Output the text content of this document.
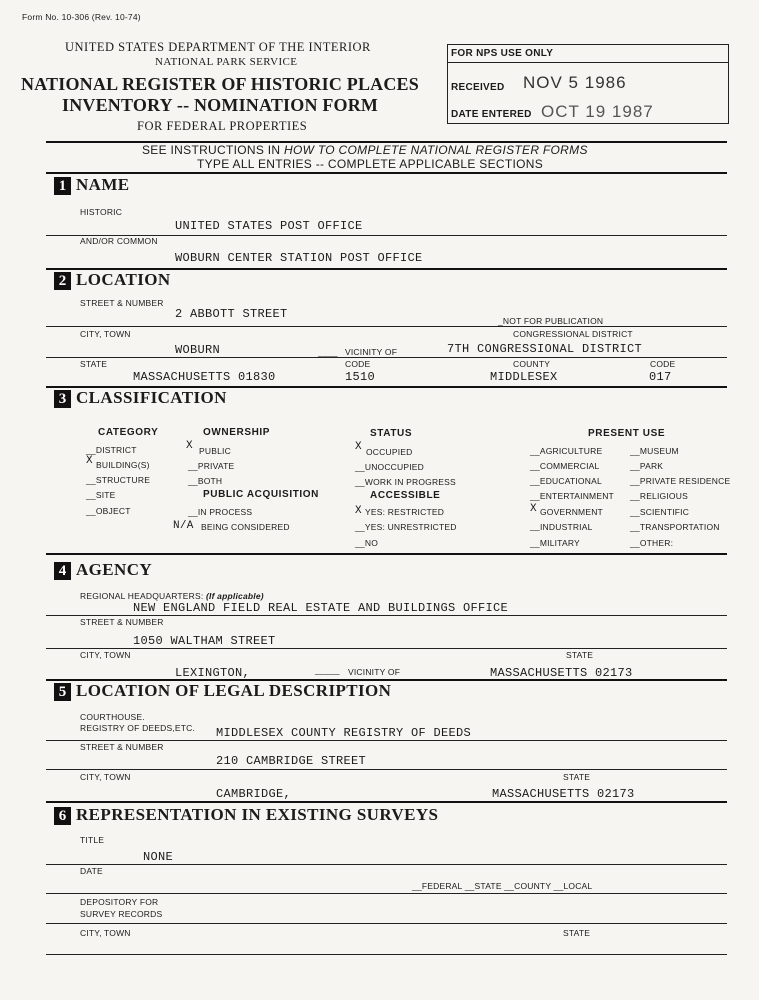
Form No. 10-306 (Rev. 10-74)
UNITED STATES DEPARTMENT OF THE INTERIOR
NATIONAL PARK SERVICE
NATIONAL REGISTER OF HISTORIC PLACES
INVENTORY -- NOMINATION FORM
FOR FEDERAL PROPERTIES
FOR NPS USE ONLY
RECEIVED NOV 5 1986
DATE ENTERED OCT 19 1987
SEE INSTRUCTIONS IN HOW TO COMPLETE NATIONAL REGISTER FORMS
TYPE ALL ENTRIES -- COMPLETE APPLICABLE SECTIONS
1 NAME
HISTORIC
UNITED STATES POST OFFICE
AND/OR COMMON
WOBURN CENTER STATION POST OFFICE
2 LOCATION
STREET & NUMBER
2 ABBOTT STREET	_NOT FOR PUBLICATION
CITY, TOWN	CONGRESSIONAL DISTRICT
WOBURN	____ VICINITY OF	7TH CONGRESSIONAL DISTRICT
STATE	CODE	COUNTY	CODE
MASSACHUSETTS 01830	1510	MIDDLESEX	017
3 CLASSIFICATION
CATEGORY
__DISTRICT
X BUILDING(S)
__STRUCTURE
__SITE
__OBJECT
OWNERSHIP
X PUBLIC
__PRIVATE
__BOTH
PUBLIC ACQUISITION
__IN PROCESS
N/A BEING CONSIDERED
STATUS
X OCCUPIED
__UNOCCUPIED
__WORK IN PROGRESS
ACCESSIBLE
X YES: RESTRICTED
__YES: UNRESTRICTED
__NO
PRESENT USE
__AGRICULTURE
__COMMERCIAL
__EDUCATIONAL
__ENTERTAINMENT
X GOVERNMENT
__ INDUSTRIAL
__MILITARY
__MUSEUM
__PARK
__PRIVATE RESIDENCE
__RELIGIOUS
__SCIENTIFIC
__TRANSPORTATION
__OTHER:
4 AGENCY
REGIONAL HEADQUARTERS: (If applicable)
NEW ENGLAND FIELD REAL ESTATE AND BUILDINGS OFFICE
STREET & NUMBER
1050 WALTHAM STREET
CITY, TOWN	STATE
LEXINGTON,	_____ VICINITY OF	MASSACHUSETTS 02173
5 LOCATION OF LEGAL DESCRIPTION
COURTHOUSE.
REGISTRY OF DEEDS,ETC. MIDDLESEX COUNTY REGISTRY OF DEEDS
STREET & NUMBER
210 CAMBRIDGE STREET
CITY, TOWN	STATE
CAMBRIDGE,	MASSACHUSETTS 02173
6 REPRESENTATION IN EXISTING SURVEYS
TITLE
NONE
DATE
__FEDERAL __STATE __COUNTY __LOCAL
DEPOSITORY FOR
SURVEY RECORDS
CITY, TOWN	STATE
